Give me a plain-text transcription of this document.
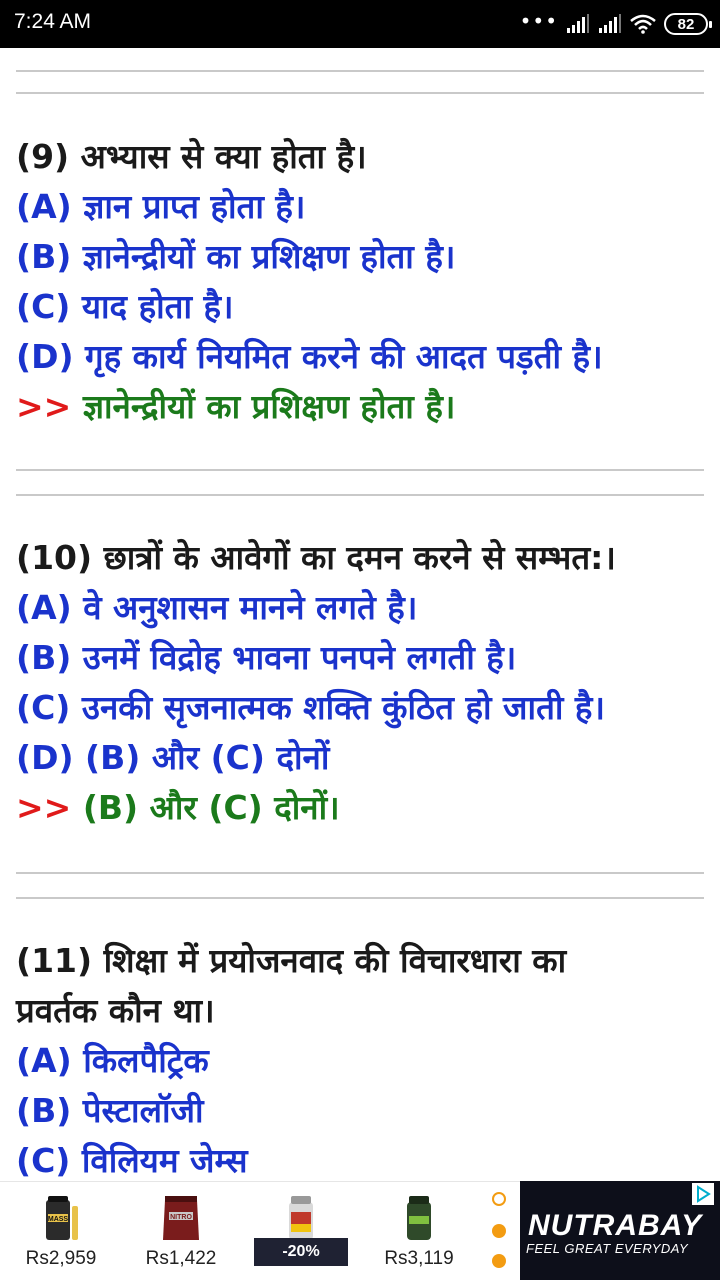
7:24 AM	•••	82
(9) अभ्यास से क्या होता है।
(A) ज्ञान प्राप्त होता है।
(B) ज्ञानेन्द्रीयों का प्रशिक्षण होता है।
(C) याद होता है।
(D) गृह कार्य नियमित करने की आदत पड़ती है।
>> ज्ञानेन्द्रीयों का प्रशिक्षण होता है।
(10) छात्रों के आवेगों का दमन करने से सम्भत:।
(A) वे अनुशासन मानने लगते है।
(B) उनमें विद्रोह भावना पनपने लगती है।
(C) उनकी सृजनात्मक शक्ति कुंठित हो जाती है।
(D) (B) और (C) दोनों
>> (B) और (C) दोनों।
(11) शिक्षा में प्रयोजनवाद की विचारधारा का
प्रवर्तक कौन था।
(A) किलपैट्रिक
(B) पेस्टालॉजी
(C) विलियम जेम्स
MASS
Rs2,959
NITRO
Rs1,422	Rs3,119
-20%
NUTRABAY
FEEL GREAT EVERYDAY
